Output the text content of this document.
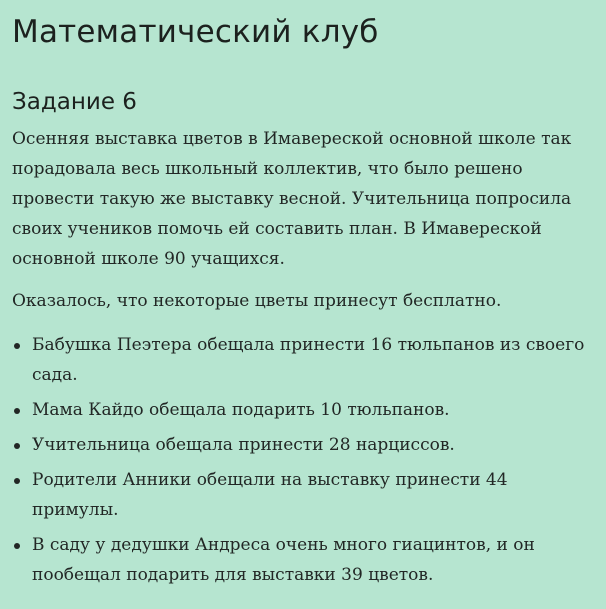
Математический клуб
Задание 6

Осенняя выставка цветов в Имавереской основной школе так порадовала весь школьный коллектив, что было решено провести такую же выставку весной. Учительница попросила своих учеников помочь ей составить план. В Имавереской основной школе 90 учащихся.

Оказалось, что некоторые цветы принесут бесплатно.

Бабушка Пеэтера обещала принести 16 тюльпанов из своего сада.
Мама Кайдо обещала подарить 10 тюльпанов.
Учительница обещала принести 28 нарциссов.
Родители Анники обещали на выставку принести 44 примулы.
В саду у дедушки Андреса очень много гиацинтов, и он пообещал подарить для выставки 39 цветов.
